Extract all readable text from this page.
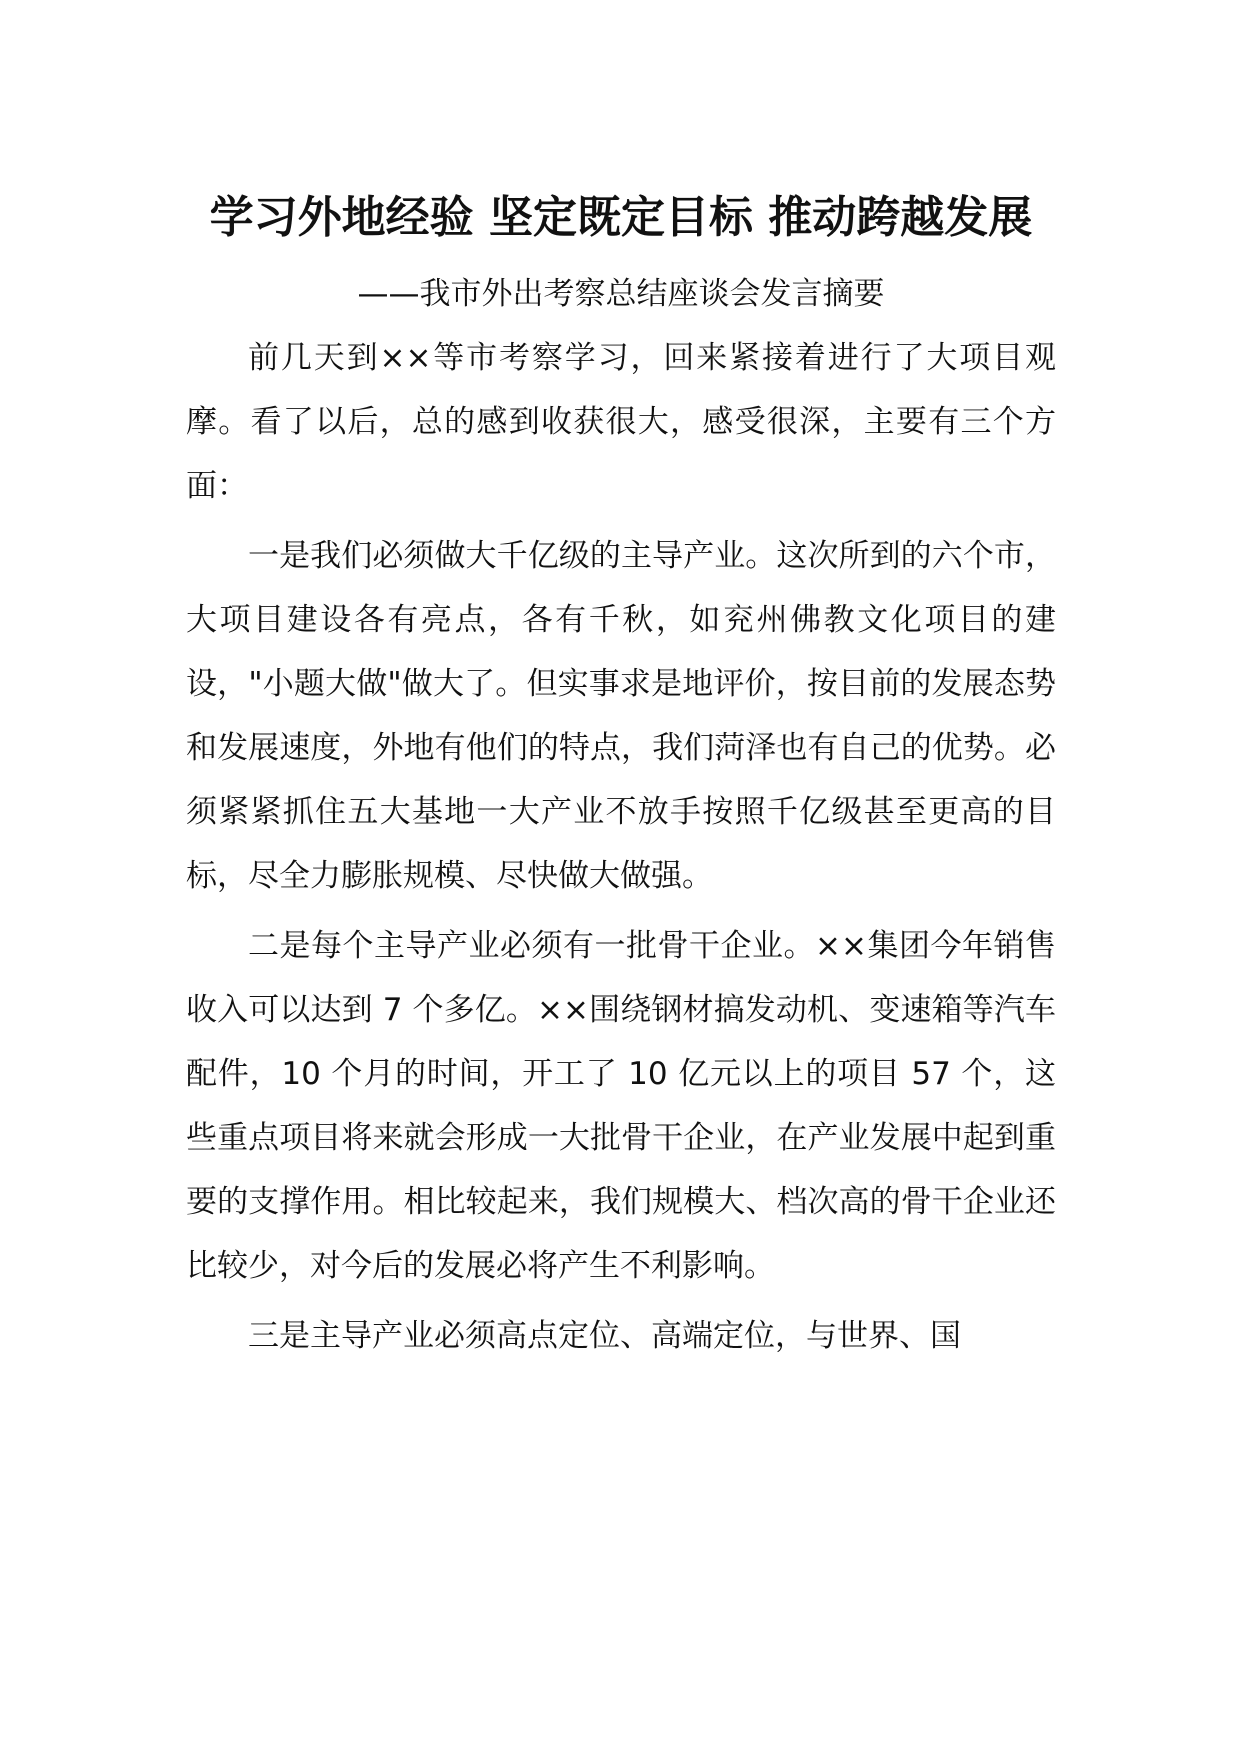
学习外地经验 坚定既定目标 推动跨越发展
——我市外出考察总结座谈会发言摘要

前几天到××等市考察学习，回来紧接着进行了大项目观摩。看了以后，总的感到收获很大，感受很深，主要有三个方面：

一是我们必须做大千亿级的主导产业。这次所到的六个市，大项目建设各有亮点，各有千秋，如兖州佛教文化项目的建设，"小题大做"做大了。但实事求是地评价，按目前的发展态势和发展速度，外地有他们的特点，我们菏泽也有自己的优势。必须紧紧抓住五大基地一大产业不放手按照千亿级甚至更高的目标，尽全力膨胀规模、尽快做大做强。

二是每个主导产业必须有一批骨干企业。××集团今年销售收入可以达到 7 个多亿。××围绕钢材搞发动机、变速箱等汽车配件，10 个月的时间，开工了 10 亿元以上的项目 57 个，这些重点项目将来就会形成一大批骨干企业，在产业发展中起到重要的支撑作用。相比较起来，我们规模大、档次高的骨干企业还比较少，对今后的发展必将产生不利影响。

三是主导产业必须高点定位、高端定位，与世界、国
